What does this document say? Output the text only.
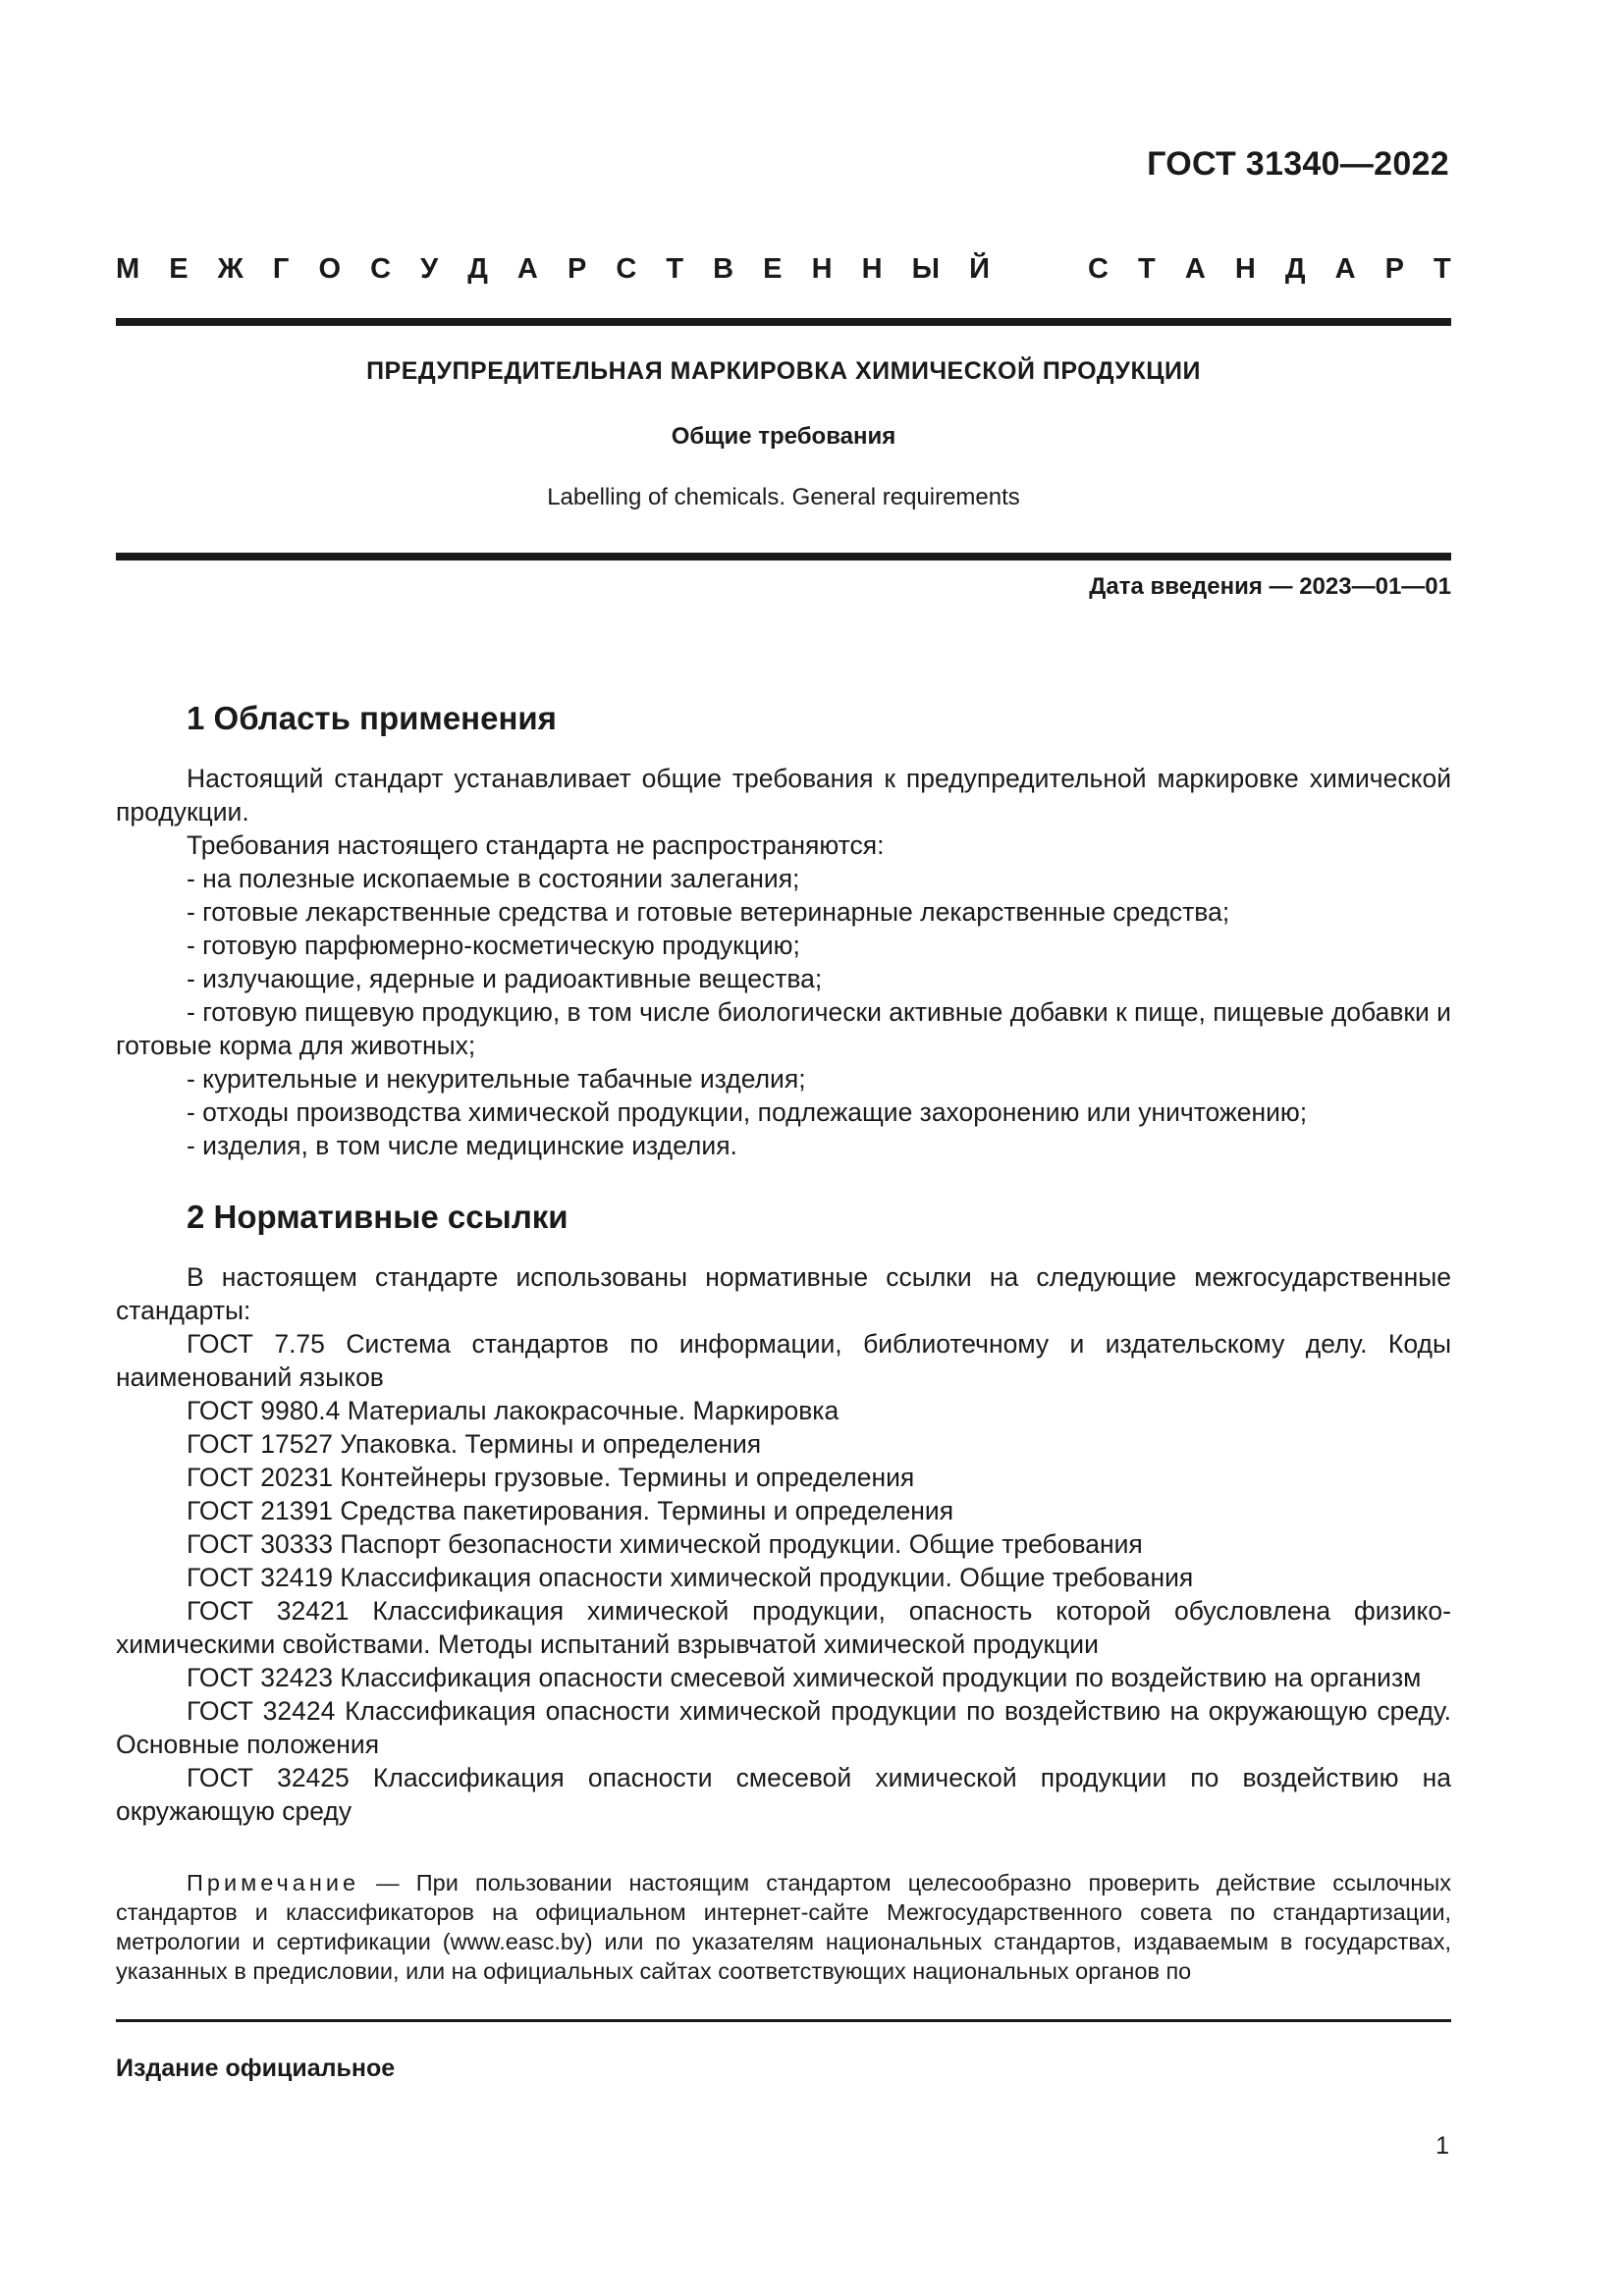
ГОСТ 31340—2022
М Е Ж Г О С У Д А Р С Т В Е Н Н Ы Й	С Т А Н Д А Р Т
ПРЕДУПРЕДИТЕЛЬНАЯ МАРКИРОВКА ХИМИЧЕСКОЙ ПРОДУКЦИИ
Общие требования
Labelling of chemicals. General requirements
Дата введения — 2023—01—01
1 Область применения

Настоящий стандарт устанавливает общие требования к предупредительной маркировке химической продукции.

Требования настоящего стандарта не распространяются:

- на полезные ископаемые в состоянии залегания;

- готовые лекарственные средства и готовые ветеринарные лекарственные средства;

- готовую парфюмерно-косметическую продукцию;

- излучающие, ядерные и радиоактивные вещества;

- готовую пищевую продукцию, в том числе биологически активные добавки к пище, пищевые добавки и готовые корма для животных;

- курительные и некурительные табачные изделия;

- отходы производства химической продукции, подлежащие захоронению или уничтожению;

- изделия, в том числе медицинские изделия.

2 Нормативные ссылки

В настоящем стандарте использованы нормативные ссылки на следующие межгосударственные стандарты:

ГОСТ 7.75 Система стандартов по информации, библиотечному и издательскому делу. Коды наименований языков

ГОСТ 9980.4 Материалы лакокрасочные. Маркировка

ГОСТ 17527 Упаковка. Термины и определения

ГОСТ 20231 Контейнеры грузовые. Термины и определения

ГОСТ 21391 Средства пакетирования. Термины и определения

ГОСТ 30333 Паспорт безопасности химической продукции. Общие требования

ГОСТ 32419 Классификация опасности химической продукции. Общие требования

ГОСТ 32421 Классификация химической продукции, опасность которой обусловлена физико-химическими свойствами. Методы испытаний взрывчатой химической продукции

ГОСТ 32423 Классификация опасности смесевой химической продукции по воздействию на организм

ГОСТ 32424 Классификация опасности химической продукции по воздействию на окружающую среду. Основные положения

ГОСТ 32425 Классификация опасности смесевой химической продукции по воздействию на окружающую среду

Примечание — При пользовании настоящим стандартом целесообразно проверить действие ссылочных стандартов и классификаторов на официальном интернет-сайте Межгосударственного совета по стандартизации, метрологии и сертификации (www.easc.by) или по указателям национальных стандартов, издаваемым в государствах, указанных в предисловии, или на официальных сайтах соответствующих национальных органов по
Издание официальное
1
